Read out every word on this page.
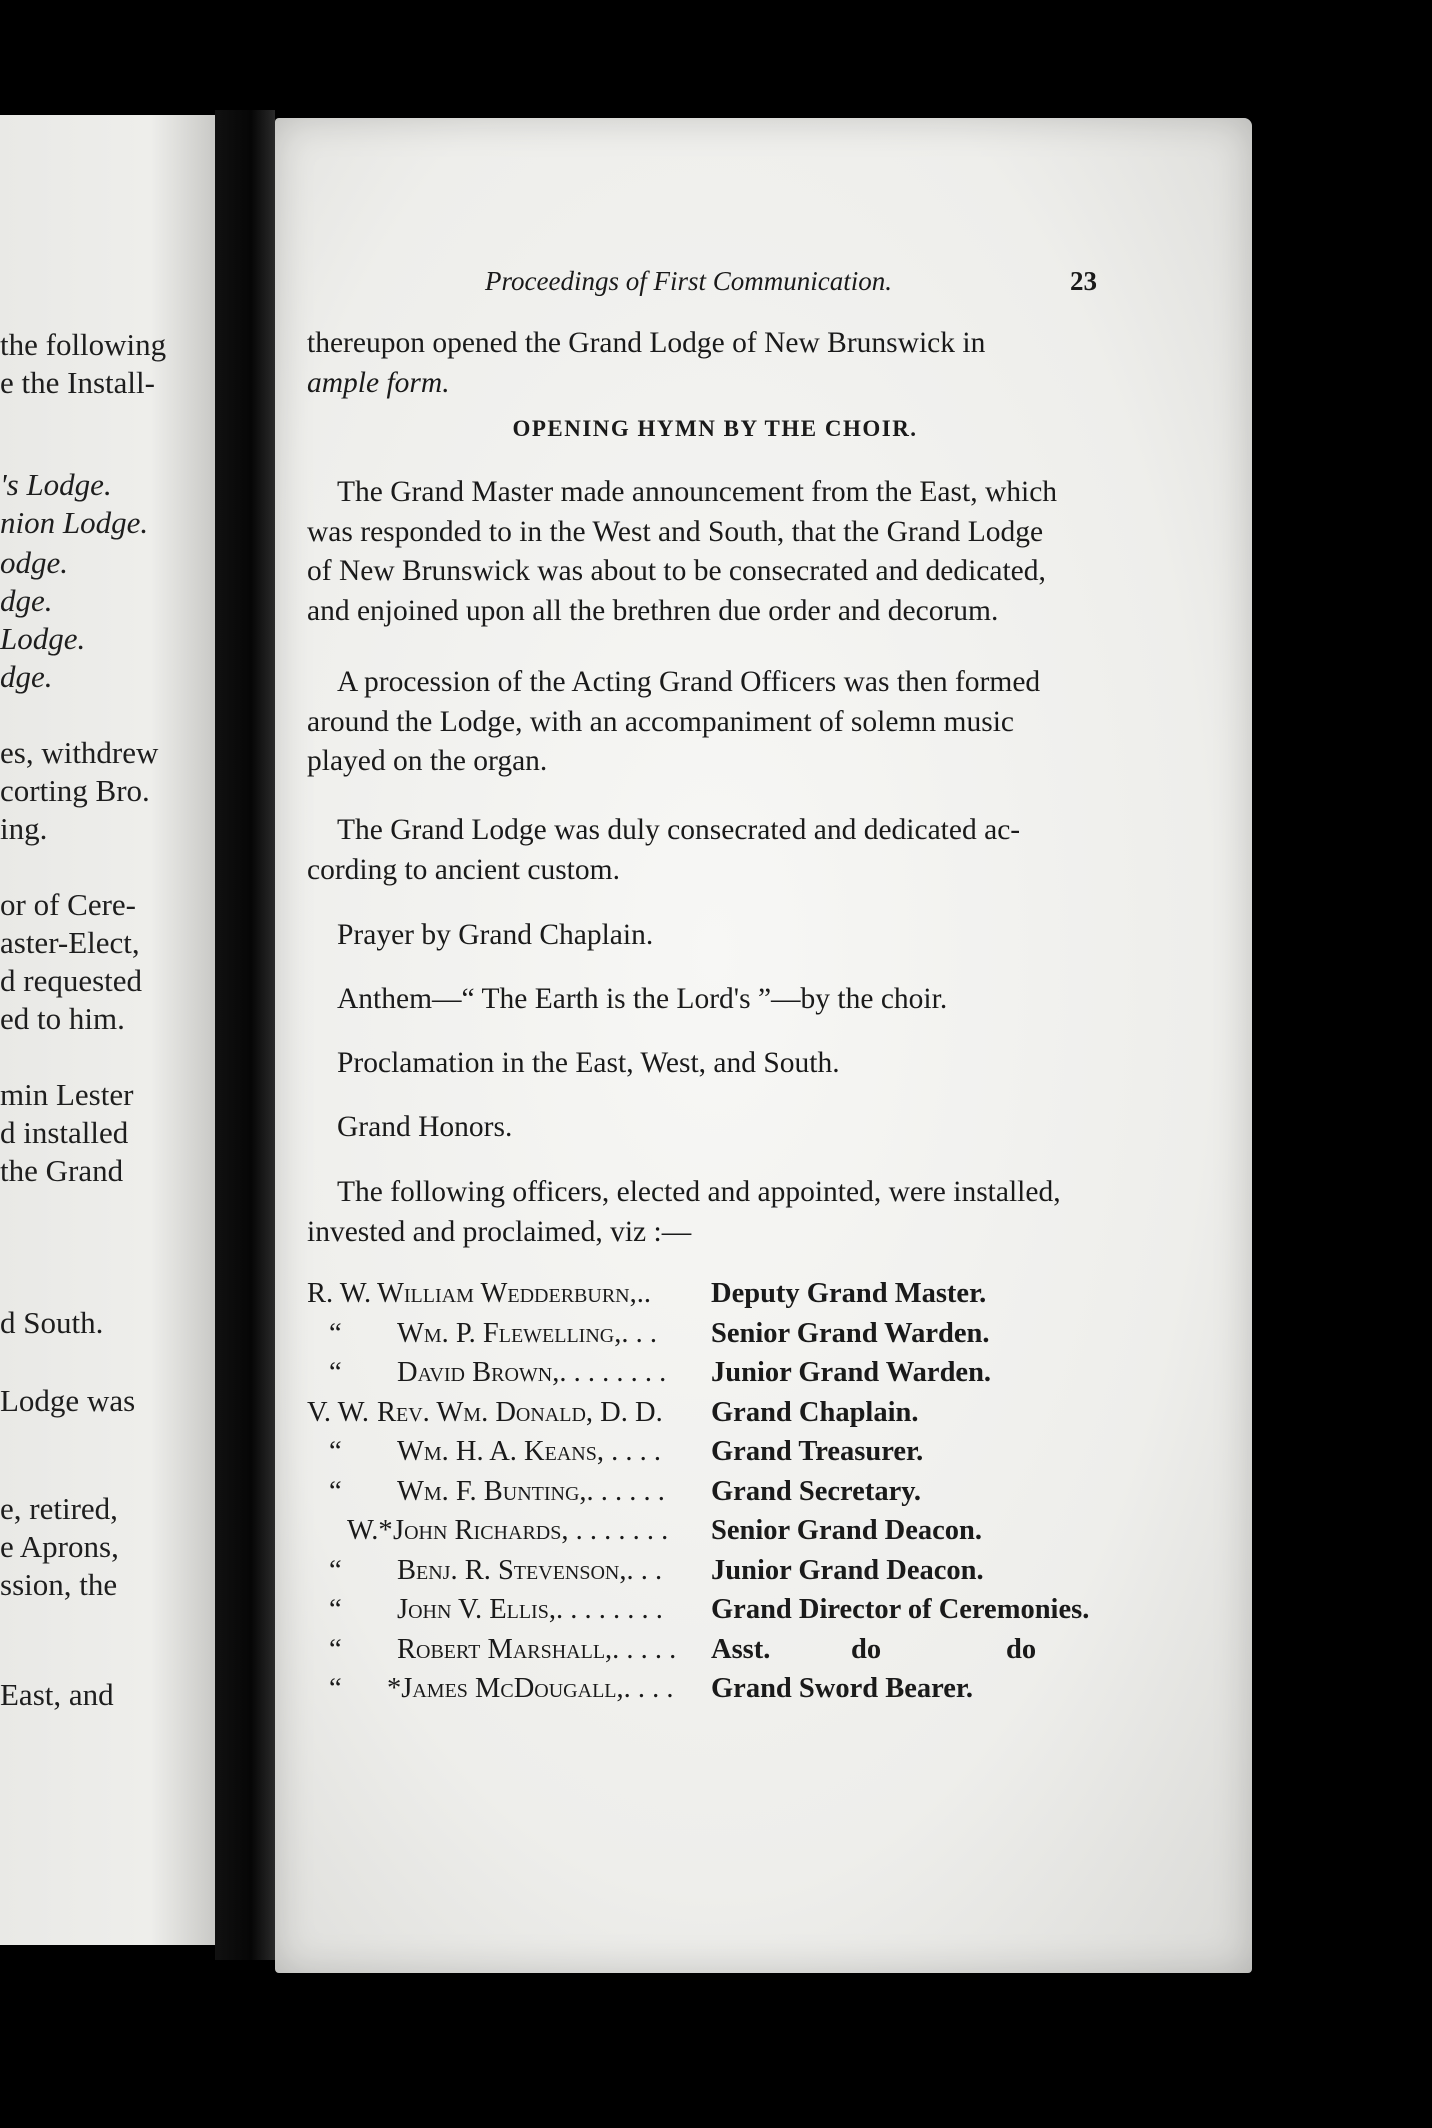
the following
e the Install-
's Lodge.
nion Lodge.
odge.
dge.
Lodge.
dge.
es, withdrew
corting Bro.
ing.
or of Cere-
aster-Elect,
d requested
ed to him.
min Lester
d installed
the Grand
d South.
Lodge was
e, retired,
e Aprons,
ssion, the
East, and
Proceedings of First Communication.	23
thereupon opened the Grand Lodge of New Brunswick in
ample form.
OPENING HYMN BY THE CHOIR.
The Grand Master made announcement from the East, which
was responded to in the West and South, that the Grand Lodge
of New Brunswick was about to be consecrated and dedicated,
and enjoined upon all the brethren due order and decorum.
A procession of the Acting Grand Officers was then formed
around the Lodge, with an accompaniment of solemn music
played on the organ.
The Grand Lodge was duly consecrated and dedicated ac-
cording to ancient custom.
Prayer by Grand Chaplain.
Anthem—“ The Earth is the Lord's ”—by the choir.
Proclamation in the East, West, and South.
Grand Honors.
The following officers, elected and appointed, were installed,
invested and proclaimed, viz :—
R. W. William Wedderburn,.. Deputy Grand Master.
“	Wm. P. Flewelling,. . . Senior Grand Warden.
“	David Brown,. . . . . . . . Junior Grand Warden.
V. W. Rev. Wm. Donald, D. D. Grand Chaplain.
“	Wm. H. A. Keans, . . . . Grand Treasurer.
“	Wm. F. Bunting,. . . . . . Grand Secretary.
W.* John Richards, . . . . . . . Senior Grand Deacon.
“	Benj. R. Stevenson,. . . Junior Grand Deacon.
“	John V. Ellis,. . . . . . . . Grand Director of Ceremonies.
“	Robert Marshall,. . . . . Asst.	do	do
“	*James McDougall,. . . . Grand Sword Bearer.
